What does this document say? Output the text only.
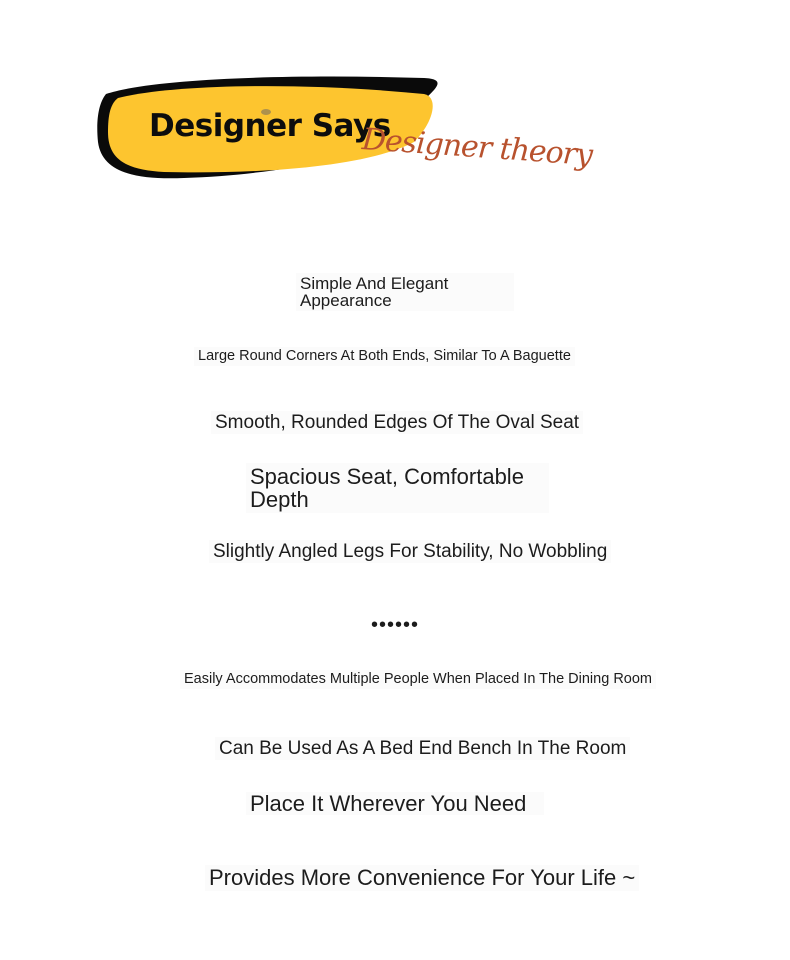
Designer Says
Designer theory
Simple And Elegant Appearance
Large Round Corners At Both Ends, Similar To A Baguette
Smooth, Rounded Edges Of The Oval Seat
Spacious Seat, Comfortable Depth
Slightly Angled Legs For Stability, No Wobbling
••••••
Easily Accommodates Multiple People When Placed In The Dining Room
Can Be Used As A Bed End Bench In The Room
Place It Wherever You Need
Provides More Convenience For Your Life ~
